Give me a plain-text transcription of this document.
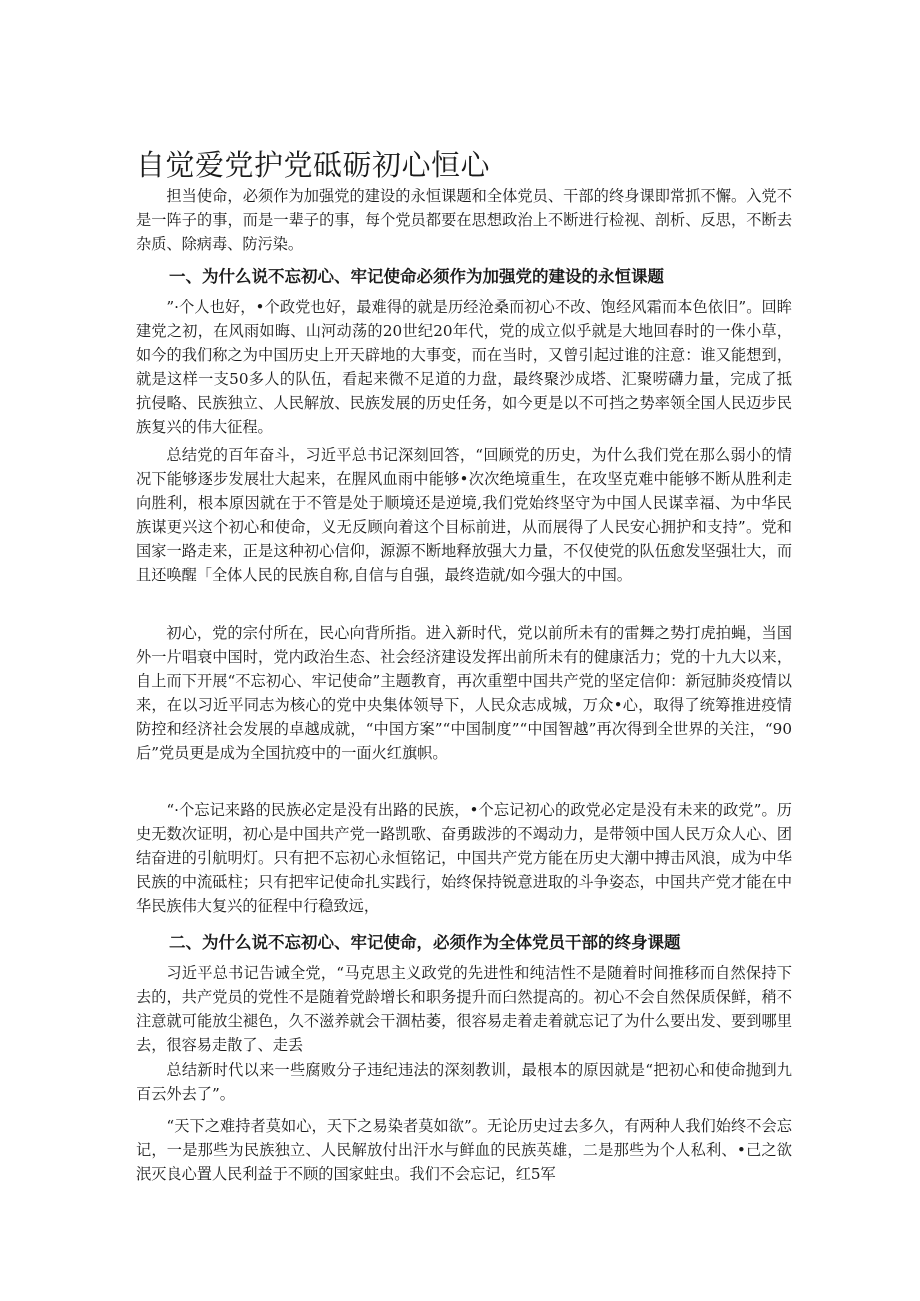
自觉爱党护党砥砺初心恒心

担当使命，必须作为加强党的建设的永恒课题和全体党员、干部的终身课即常抓不懈。入党不是一阵子的事，而是一辈子的事，每个党员都要在思想政治上不断进行检视、剖析、反思，不断去杂质、除病毒、防污染。

一、为什么说不忘初心、牢记使命必须作为加强党的建设的永恒课题

”·个人也好，•个政党也好，最难得的就是历经沧桑而初心不改、饱经风霜而本色依旧”。回眸建党之初，在风雨如晦、山河动荡的20世纪20年代，党的成立似乎就是大地回春时的一侏小草，如今的我们称之为中国历史上开天辟地的大事变，而在当时，又曾引起过谁的注意：谁又能想到，就是这样一支50多人的队伍，看起来微不足道的力盘，最终聚沙成塔、汇聚唠礴力量，完成了抵抗侵略、民族独立、人民解放、民族发展的历史任务，如今更是以不可挡之势率领全国人民迈步民族复兴的伟大征程。

总结党的百年奋斗，习近平总书记深刻回答，“回顾党的历史，为什么我们党在那么弱小的情况下能够逐步发展壮大起来，在腥风血雨中能够•次次绝境重生，在攻坚克难中能够不断从胜利走向胜利，根本原因就在于不管是处于顺境还是逆境,我们党始终坚守为中国人民谋幸福、为中华民族谋更兴这个初心和使命，义无反顾向着这个目标前进，从而展得了人民安心拥护和支持”。党和国家一路走来，正是这种初心信仰，源源不断地释放强大力量，不仅使党的队伍愈发坚强壮大，而且还唤醒「全体人民的民族自称,自信与自强，最终造就/如今强大的中国。

初心，党的宗付所在，民心向背所指。进入新时代，党以前所未有的雷舞之势打虎拍蝇，当国外一片唱衰中国时，党内政治生态、社会经济建设发挥出前所未有的健康活力；党的十九大以来，自上而下开展“不忘初心、牢记使命”主题教育，再次重塑中国共产党的坚定信仰：新冠肺炎疫情以来，在以习近平同志为核心的党中央集体领导下，人民众志成城，万众•心，取得了统筹推进疫情防控和经济社会发展的卓越成就，“中国方案”“中国制度”“中国智越”再次得到全世界的关注，“90后”党员更是成为全国抗疫中的一面火红旗帜。

“·个忘记来路的民族必定是没有出路的民族，•个忘记初心的政党必定是没有未来的政党”。历史无数次证明，初心是中国共产党一路凯歌、奋勇跋涉的不竭动力，是带领中国人民万众人心、团结奋进的引航明灯。只有把不忘初心永恒铭记，中国共产党方能在历史大潮中搏击风浪，成为中华民族的中流砥柱；只有把牢记使命扎实践行，始终保持锐意进取的斗争姿态，中国共产党才能在中华民族伟大复兴的征程中行稳致远，

二、为什么说不忘初心、牢记使命，必须作为全体党员干部的终身课题

习近平总书记告诫全党，“马克思主义政党的先进性和纯洁性不是随着时间推移而自然保持下去的，共产党员的党性不是随着党龄增长和职务提升而臼然提高的。初心不会自然保质保鲜，稍不注意就可能放尘褪色，久不滋养就会干涸枯萎，很容易走着走着就忘记了为什么要出发、要到哪里去，很容易走散了、走丢

总结新时代以来一些腐败分子违纪违法的深刻教训，最根本的原因就是“把初心和使命抛到九百云外去了”。

“天下之难持者莫如心，天下之易染者莫如欲”。无论历史过去多久，有两种人我们始终不会忘记，一是那些为民族独立、人民解放付出汗水与鲜血的民族英雄，二是那些为个人私利、•己之欲泯灭良心置人民利益于不顾的国家蛀虫。我们不会忘记，红5军
